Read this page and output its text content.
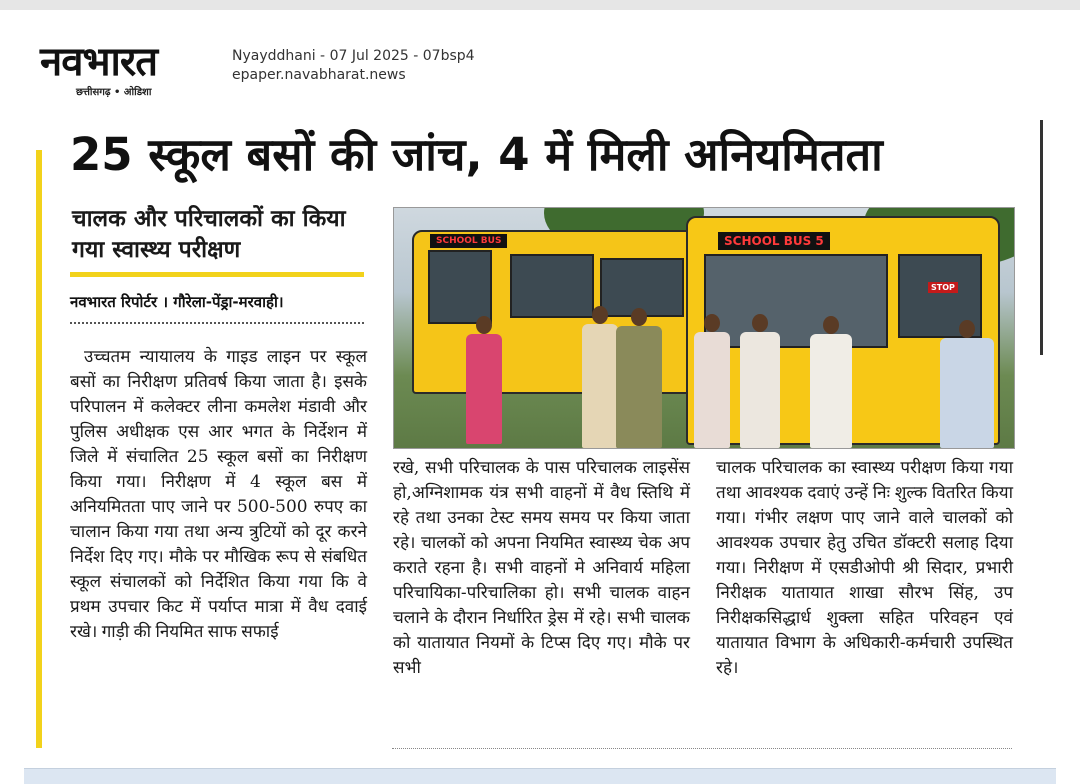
नवभारत
छत्तीसगढ़ • ओडिशा
Nyayddhani - 07 Jul 2025 - 07bsp4
epaper.navabharat.news
25 स्कूल बसों की जांच, 4 में मिली अनियमितता
चालक और परिचालकों का किया गया स्वास्थ्य परीक्षण
नवभारत रिपोर्टर । गौरेला-पेंड्रा-मरवाही।
SCHOOL BUS	SCHOOL BUS 5
STOP
उच्चतम न्यायालय के गाइड लाइन पर स्कूल बसों का निरीक्षण प्रतिवर्ष किया जाता है। इसके परिपालन में कलेक्टर लीना कमलेश मंडावी और पुलिस अधीक्षक एस आर भगत के निर्देशन में जिले में संचालित 25 स्कूल बसों का निरीक्षण किया गया। निरीक्षण में 4 स्कूल बस में अनियमितता पाए जाने पर 500-500 रुपए का चालान किया गया तथा अन्य त्रुटियों को दूर करने निर्देश दिए गए। मौके पर मौखिक रूप से संबधित स्कूल संचालकों को निर्देशित किया गया कि वे प्रथम उपचार किट में पर्याप्त मात्रा में वैध दवाई रखे। गाड़ी की नियमित साफ सफाई
रखे, सभी परिचालक के पास परिचालक लाइसेंस हो,अग्निशामक यंत्र सभी वाहनों में वैध स्तिथि में रहे तथा उनका टेस्ट समय समय पर किया जाता रहे। चालकों को अपना नियमित स्वास्थ्य चेक अप कराते रहना है। सभी वाहनों मे अनिवार्य महिला परिचायिका-परिचालिका हो। सभी चालक वाहन चलाने के दौरान निर्धारित ड्रेस में रहे। सभी चालक को यातायात नियमों के टिप्स दिए गए। मौके पर सभी
चालक परिचालक का स्वास्थ्य परीक्षण किया गया तथा आवश्यक दवाएं उन्हें निः शुल्क वितरित किया गया। गंभीर लक्षण पाए जाने वाले चालकों को आवश्यक उपचार हेतु उचित डॉक्टरी सलाह दिया गया। निरीक्षण में एसडीओपी श्री सिदार, प्रभारी निरीक्षक यातायात शाखा सौरभ सिंह, उप निरीक्षकसिद्धार्ध शुक्ला सहित परिवहन एवं यातायात विभाग के अधिकारी-कर्मचारी उपस्थित रहे।
